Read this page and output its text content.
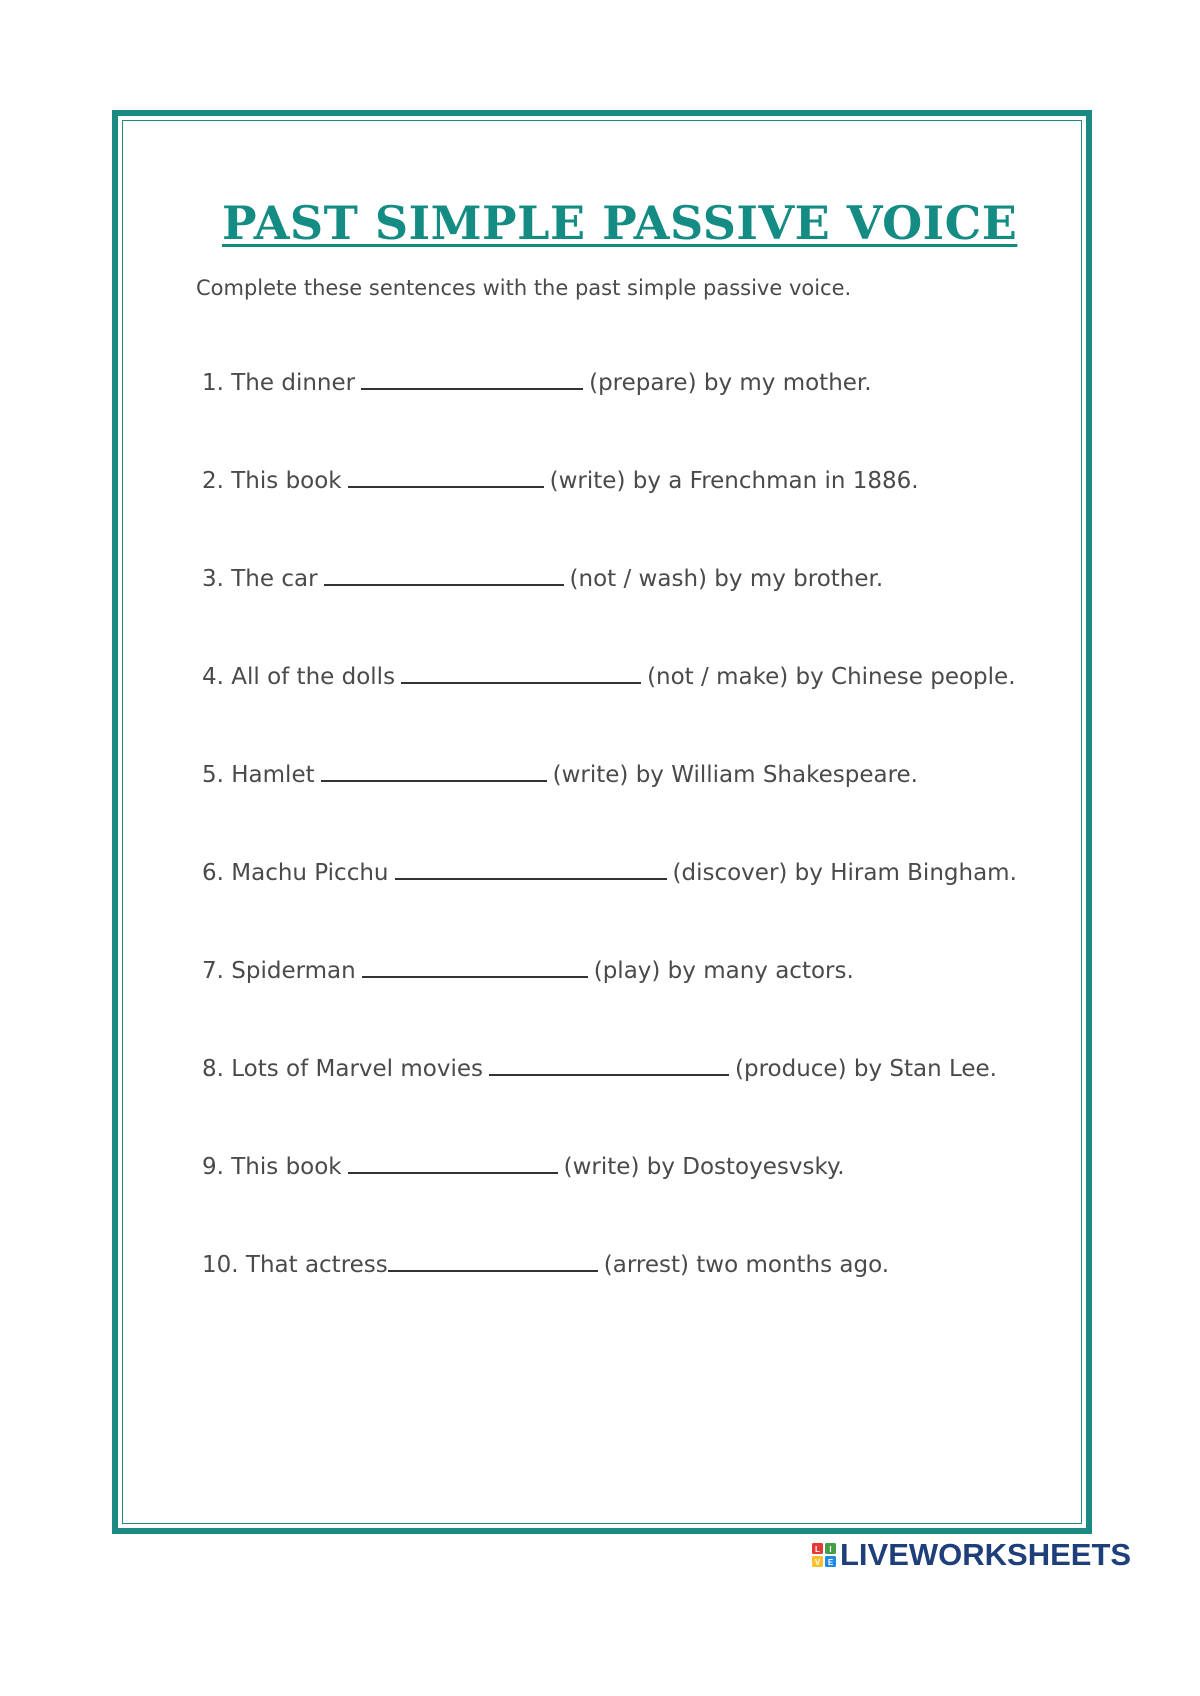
PAST SIMPLE PASSIVE VOICE

Complete these sentences with the past simple passive voice.

1. The dinner	(prepare) by my mother.
2. This book	(write) by a Frenchman in 1886.
3. The car	(not / wash) by my brother.
4. All of the dolls	(not / make) by Chinese people.
5. Hamlet	(write) by William Shakespeare.
6. Machu Picchu	(discover) by Hiram Bingham.
7. Spiderman	(play) by many actors.
8. Lots of Marvel movies	(produce) by Stan Lee.
9. This book	(write) by Dostoyesvsky.
10. That actress	(arrest) two months ago.
L I
V E LIVEWORKSHEETS
